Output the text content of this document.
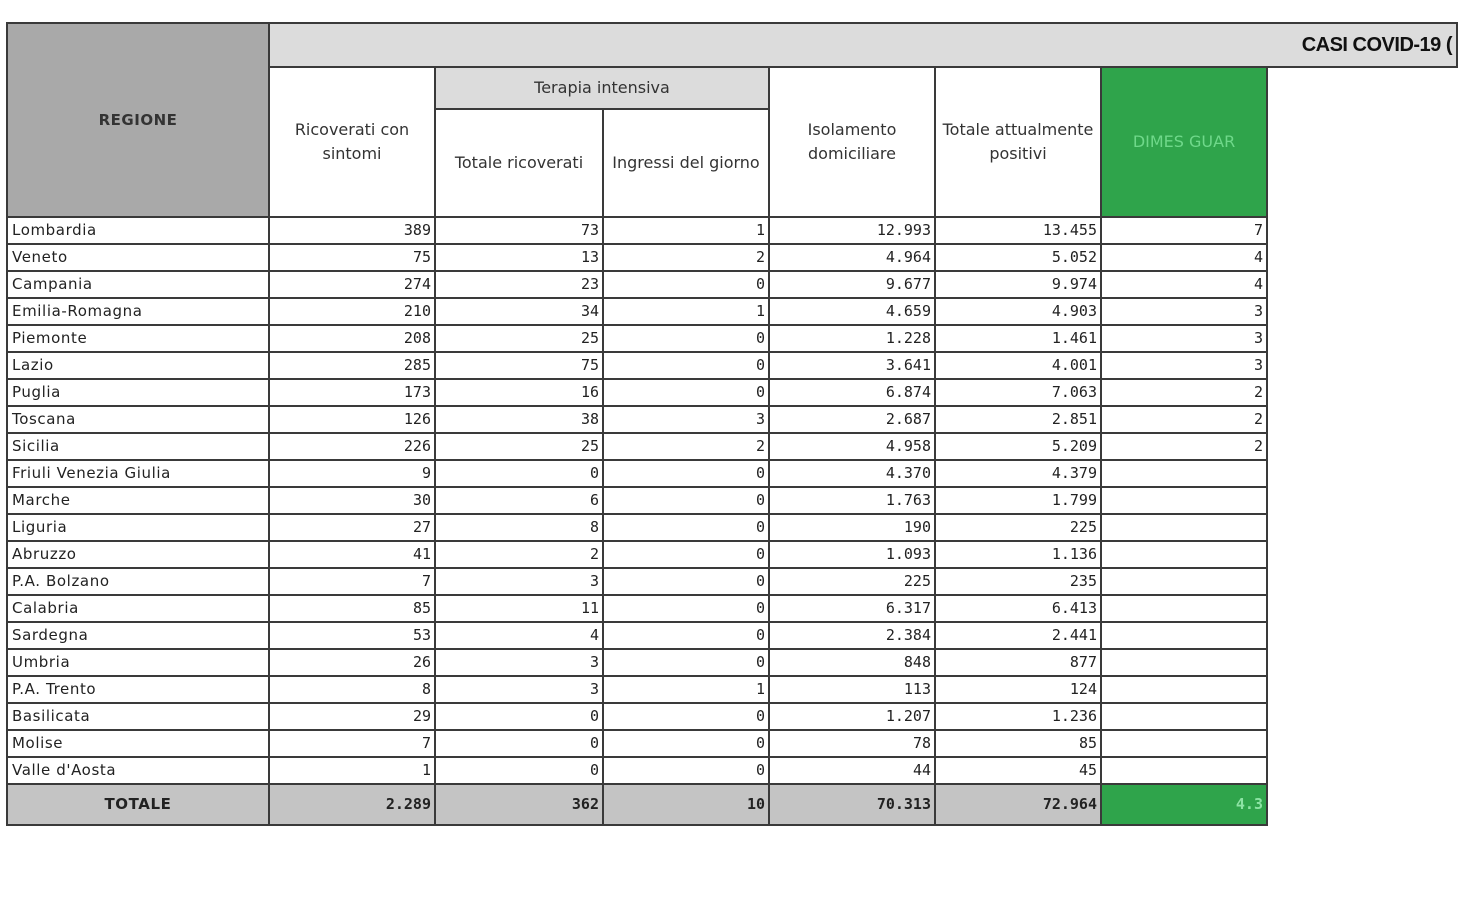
REGIONE	CASI COVID-19 (					
	Ricoverati con sintomi	Terapia intensiva		Isolamento domiciliare	Totale attualmente positivi	DIMES GUAR
		Totale ricoverati	Ingressi del giorno			

Lombardia	389	73	1	12.993	13.455	7
Veneto	75	13	2	4.964	5.052	4
Campania	274	23	0	9.677	9.974	4
Emilia-Romagna	210	34	1	4.659	4.903	3
Piemonte	208	25	0	1.228	1.461	3
Lazio	285	75	0	3.641	4.001	3
Puglia	173	16	0	6.874	7.063	2
Toscana	126	38	3	2.687	2.851	2
Sicilia	226	25	2	4.958	5.209	2
Friuli Venezia Giulia	9	0	0	4.370	4.379	
Marche	30	6	0	1.763	1.799	
Liguria	27	8	0	190	225	
Abruzzo	41	2	0	1.093	1.136	
P.A. Bolzano	7	3	0	225	235	
Calabria	85	11	0	6.317	6.413	
Sardegna	53	4	0	2.384	2.441	
Umbria	26	3	0	848	877	
P.A. Trento	8	3	1	113	124	
Basilicata	29	0	0	1.207	1.236	
Molise	7	0	0	78	85	
Valle d'Aosta	1	0	0	44	45	
TOTALE	2.289	362	10	70.313	72.964	4.3
